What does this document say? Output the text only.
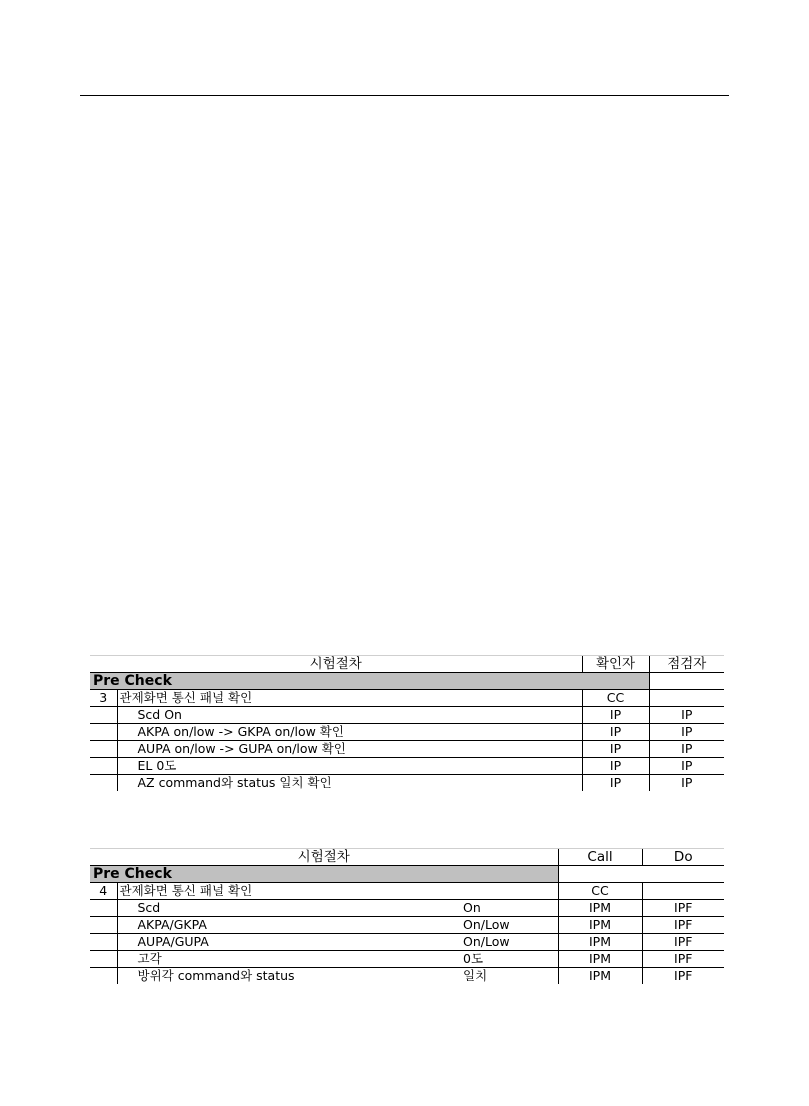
시험절차		확인자	점검자
Pre Check			
3	관제화면 통신 패널 확인	CC	
	Scd On	IP	IP
	AKPA on/low -> GKPA on/low 확인	IP	IP
	AUPA on/low -> GUPA on/low 확인	IP	IP
	EL 0도	IP	IP
	AZ command와 status 일치 확인	IP	IP
시험절차			Call	Do
Pre Check				
4	관제화면 통신 패널 확인		CC	
	Scd	On	IPM	IPF
	AKPA/GKPA	On/Low	IPM	IPF
	AUPA/GUPA	On/Low	IPM	IPF
	고각	0도	IPM	IPF
	방위각 command와 status	일치	IPM	IPF
